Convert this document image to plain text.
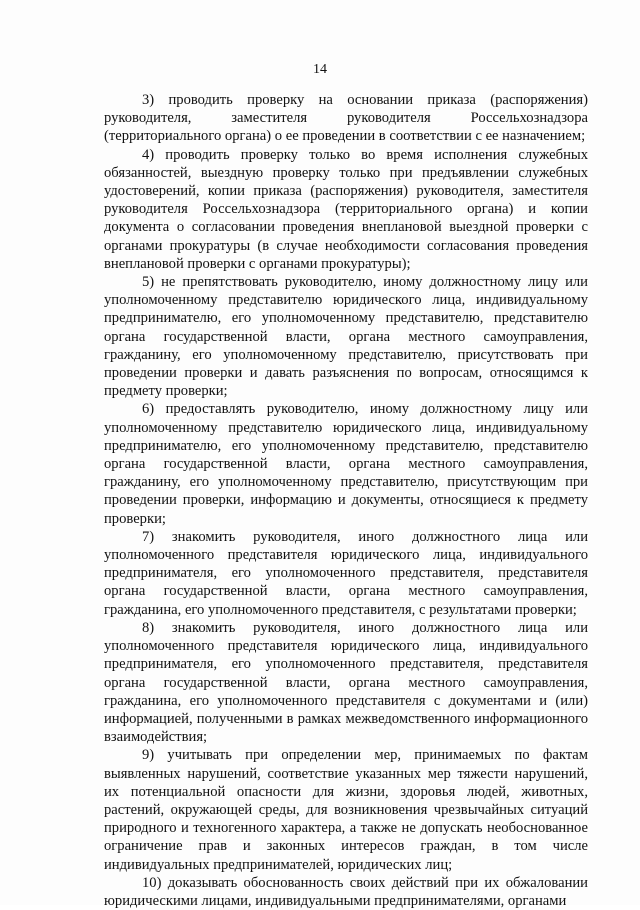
14

3) проводить проверку на основании приказа (распоряжения) руководителя, заместителя руководителя Россельхознадзора (территориального органа) о ее проведении в соответствии с ее назначением;

4) проводить проверку только во время исполнения служебных обязанностей, выездную проверку только при предъявлении служебных удостоверений, копии приказа (распоряжения) руководителя, заместителя руководителя Россельхознадзора (территориального органа) и копии документа о согласовании проведения внеплановой выездной проверки с органами прокуратуры (в случае необходимости согласования проведения внеплановой проверки с органами прокуратуры);

5) не препятствовать руководителю, иному должностному лицу или уполномоченному представителю юридического лица, индивидуальному предпринимателю, его уполномоченному представителю, представителю органа государственной власти, органа местного самоуправления, гражданину, его уполномоченному представителю, присутствовать при проведении проверки и давать разъяснения по вопросам, относящимся к предмету проверки;

6) предоставлять руководителю, иному должностному лицу или уполномоченному представителю юридического лица, индивидуальному предпринимателю, его уполномоченному представителю, представителю органа государственной власти, органа местного самоуправления, гражданину, его уполномоченному представителю, присутствующим при проведении проверки, информацию и документы, относящиеся к предмету проверки;

7) знакомить руководителя, иного должностного лица или уполномоченного представителя юридического лица, индивидуального предпринимателя, его уполномоченного представителя, представителя органа государственной власти, органа местного самоуправления, гражданина, его уполномоченного представителя, с результатами проверки;

8) знакомить руководителя, иного должностного лица или уполномоченного представителя юридического лица, индивидуального предпринимателя, его уполномоченного представителя, представителя органа государственной власти, органа местного самоуправления, гражданина, его уполномоченного представителя с документами и (или) информацией, полученными в рамках межведомственного информационного взаимодействия;

9) учитывать при определении мер, принимаемых по фактам выявленных нарушений, соответствие указанных мер тяжести нарушений, их потенциальной опасности для жизни, здоровья людей, животных, растений, окружающей среды, для возникновения чрезвычайных ситуаций природного и техногенного характера, а также не допускать необоснованное ограничение прав и законных интересов граждан, в том числе индивидуальных предпринимателей, юридических лиц;

10) доказывать обоснованность своих действий при их обжаловании юридическими лицами, индивидуальными предпринимателями, органами
